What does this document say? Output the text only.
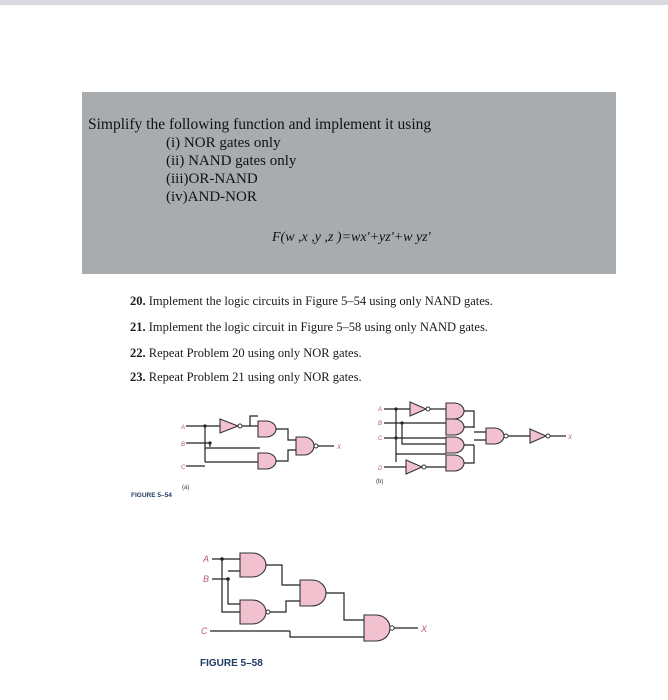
Simplify the following function and implement it using
(i) NOR gates only
(ii) NAND gates only
(iii)OR-NAND
(iv)AND-NOR
F(w ,x ,y ,z )=wx'+yz'+w yz'
20. Implement the logic circuits in Figure 5–54 using only NAND gates.
21. Implement the logic circuit in Figure 5–58 using only NAND gates.
22. Repeat Problem 20 using only NOR gates.
23. Repeat Problem 21 using only NOR gates.
A
B
C
X
(a)
A
B
C
D
X
(b)
A
B
C	X
FIGURE 5–54
FIGURE 5–58
